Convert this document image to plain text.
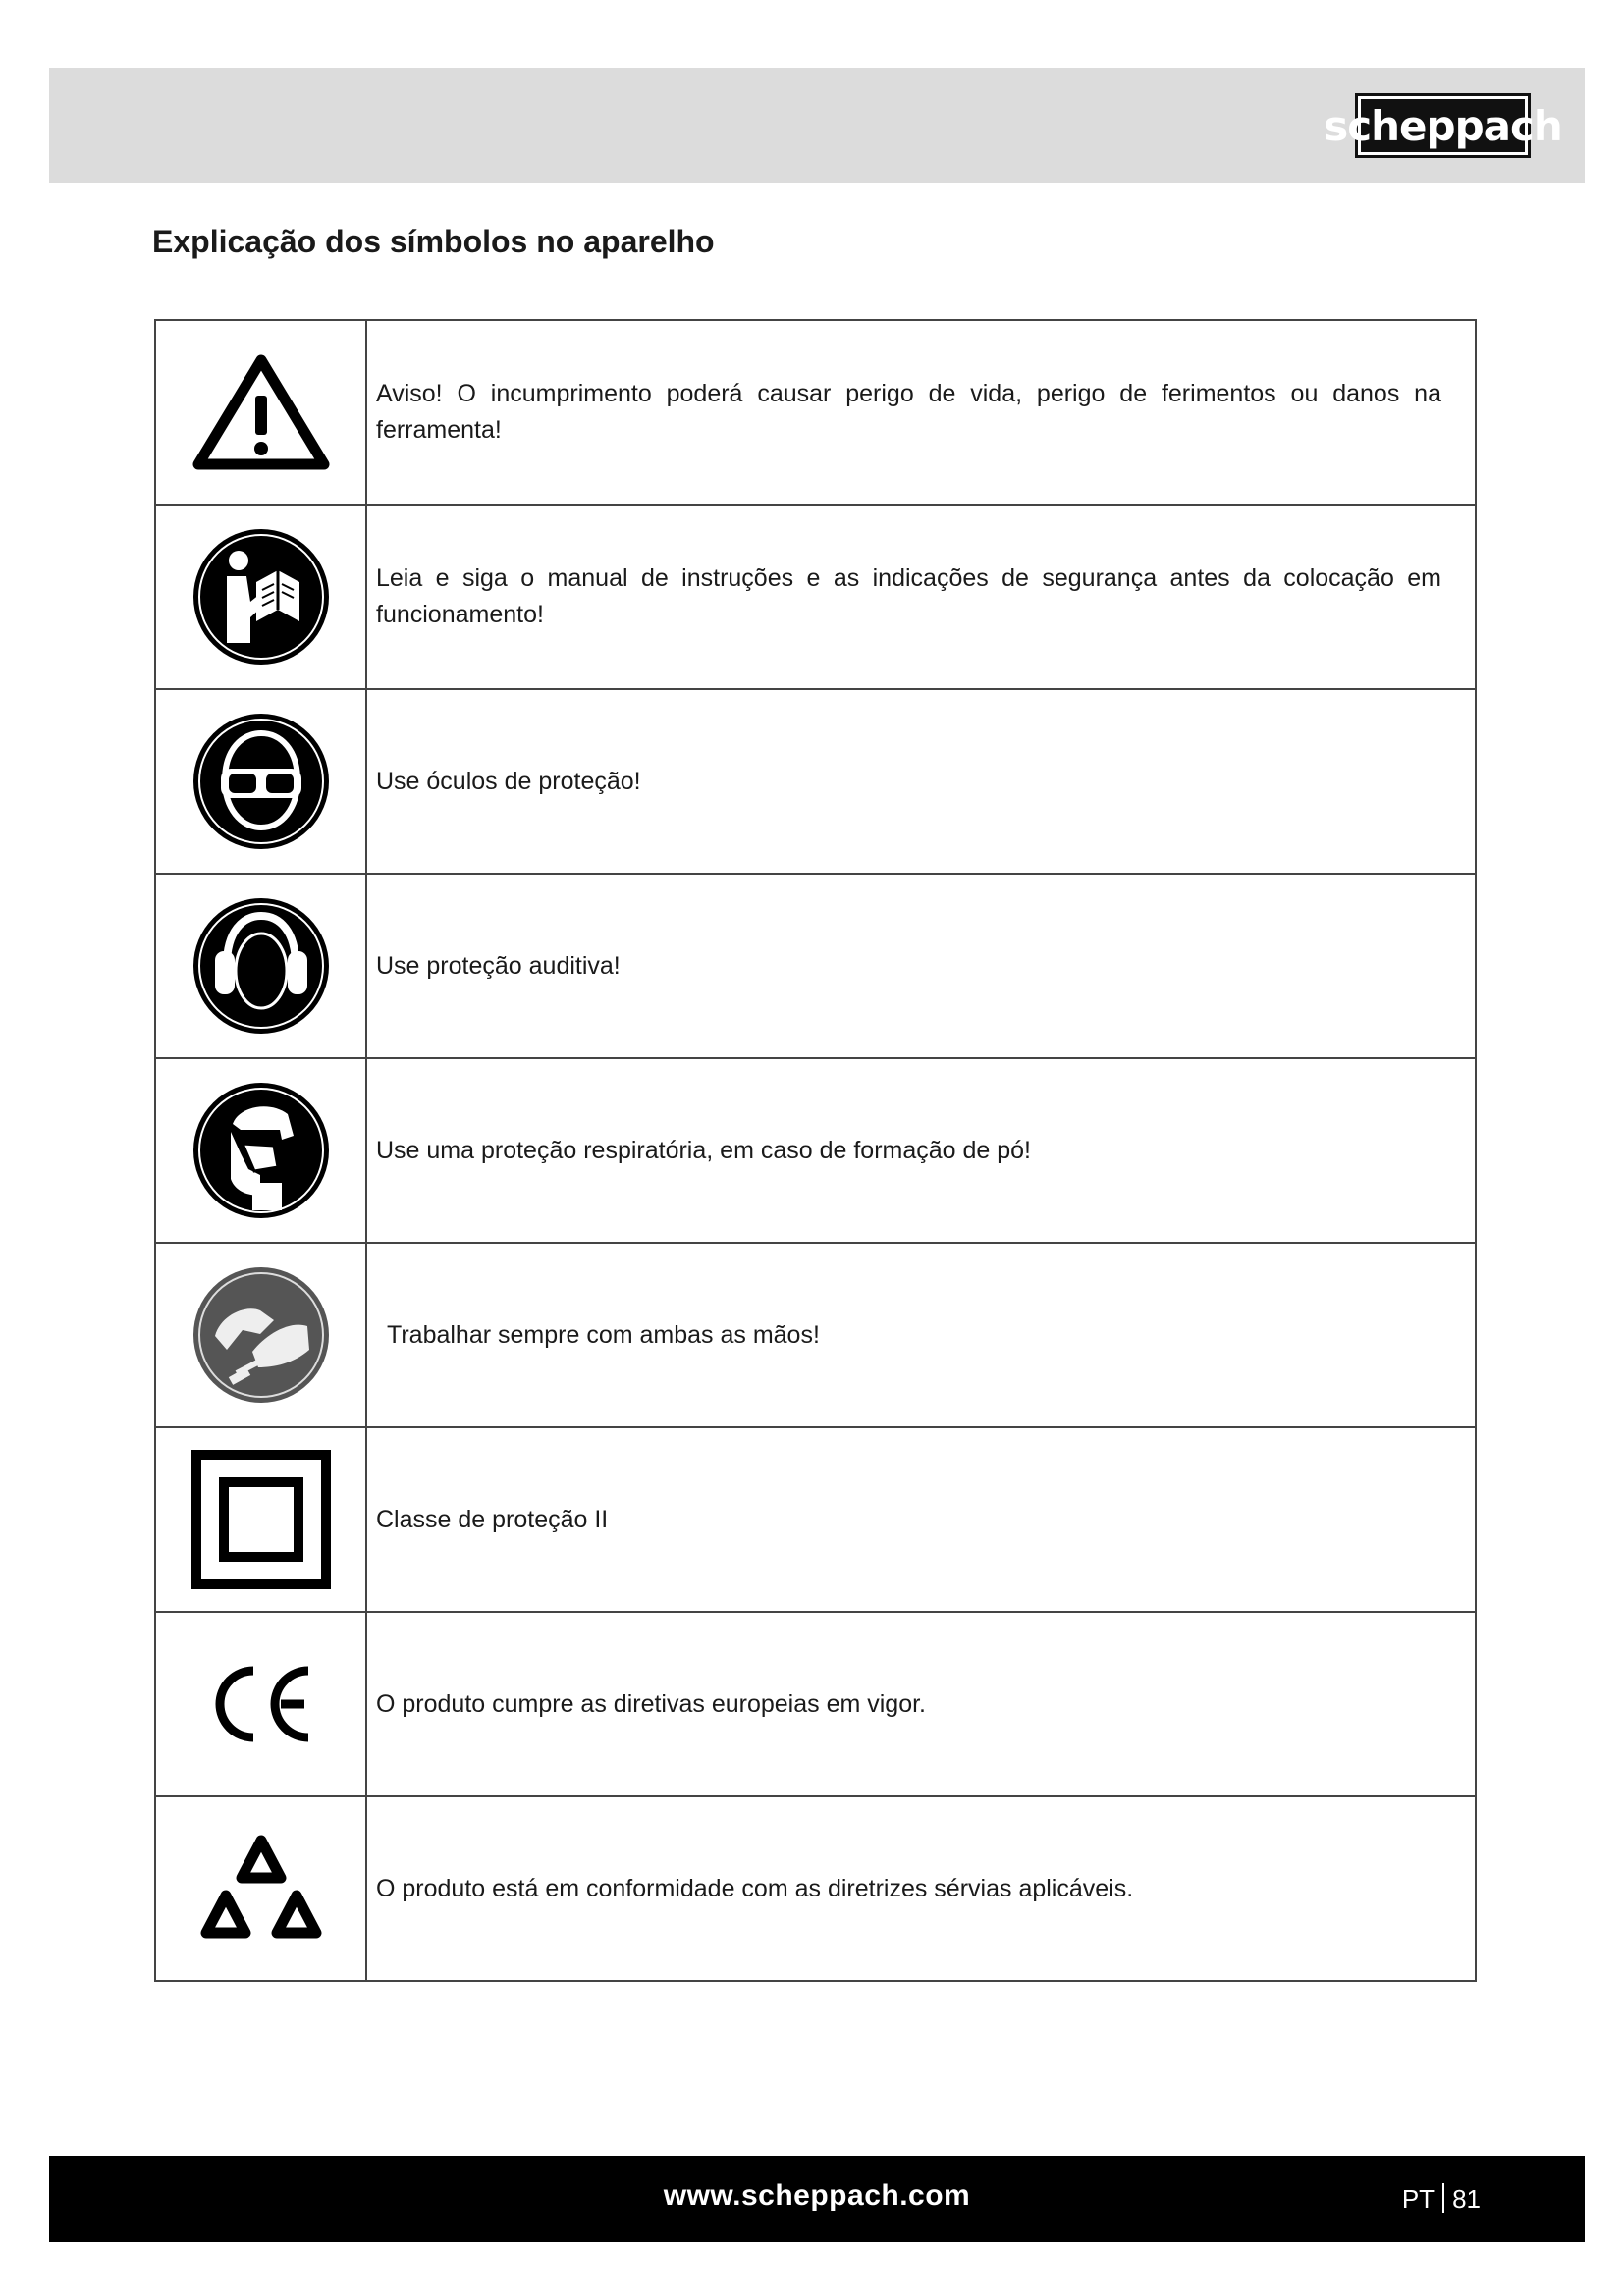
scheppach
Explicação dos símbolos no aparelho
	Aviso! O incumprimento poderá causar perigo de vida, perigo de ferimentos ou danos na ferramenta!

	Leia e siga o manual de instruções e as indicações de segurança antes da colocação em funcionamento!

	Use óculos de proteção!

	Use proteção auditiva!

	Use uma proteção respiratória, em caso de formação de pó!

	Trabalhar sempre com ambas as mãos!

	Classe de proteção II

	O produto cumpre as diretivas europeias em vigor.

	O produto está em conformidade com as diretrizes sérvias aplicáveis.
www.scheppach.com	PT 81
